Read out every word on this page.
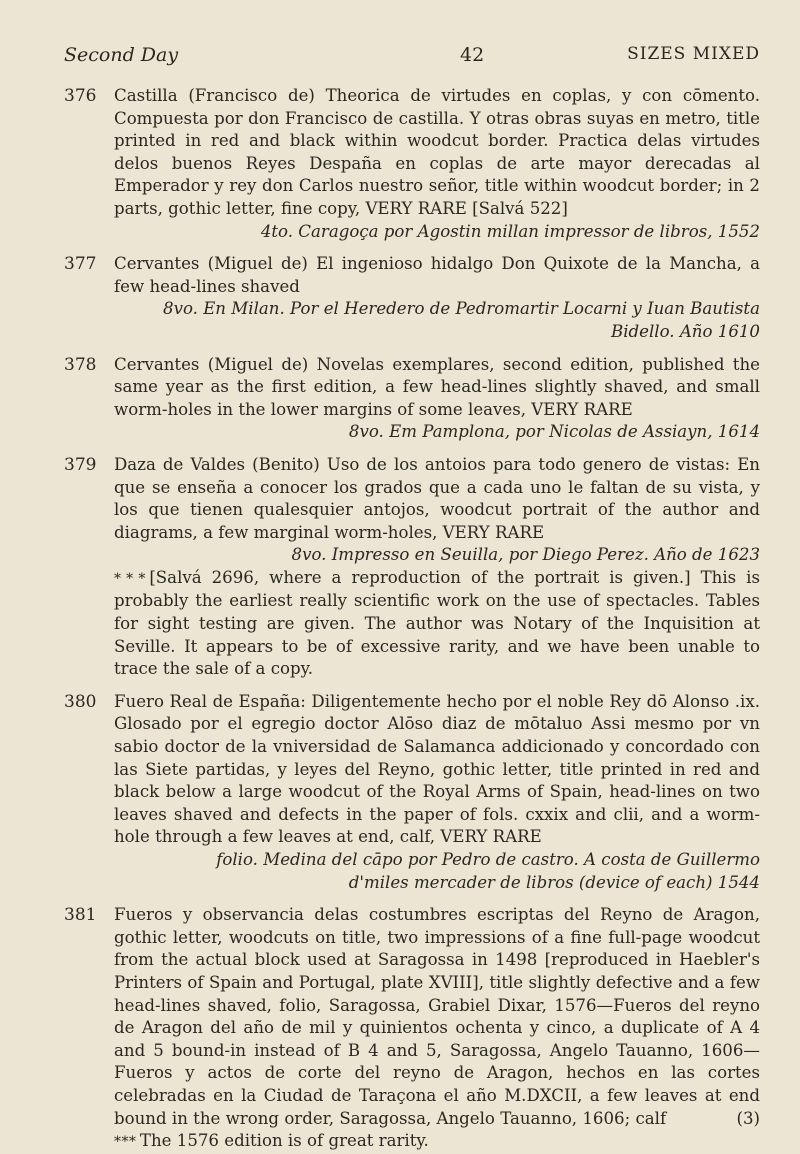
Second Day	42	SIZES MIXED
376 Castilla (Francisco de) Theorica de virtudes en coplas, y con cōmento. Compuesta por don Francisco de castilla. Y otras obras suyas en metro, title printed in red and black within woodcut border. Practica delas virtudes delos buenos Reyes Despaña en coplas de arte mayor derecadas al Emperador y rey don Carlos nuestro señor, title within woodcut border; in 2 parts, gothic letter, fine copy, VERY RARE [Salvá 522]

4to. Caragoça por Agostin millan impressor de libros, 1552

377 Cervantes (Miguel de) El ingenioso hidalgo Don Quixote de la Mancha, a few head-lines shaved

8vo. En Milan. Por el Heredero de Pedromartir Locarni y Iuan Bautista Bidello. Año 1610

378 Cervantes (Miguel de) Novelas exemplares, second edition, published the same year as the first edition, a few head-lines slightly shaved, and small worm-holes in the lower margins of some leaves, VERY RARE

8vo. Em Pamplona, por Nicolas de Assiayn, 1614

379 Daza de Valdes (Benito) Uso de los antoios para todo genero de vistas: En que se enseña a conocer los grados que a cada uno le faltan de su vista, y los que tienen qualesquier antojos, woodcut portrait of the author and diagrams, a few marginal worm-holes, VERY RARE

8vo. Impresso en Seuilla, por Diego Perez. Año de 1623

* * * [Salvá 2696, where a reproduction of the portrait is given.] This is probably the earliest really scientific work on the use of spectacles. Tables for sight testing are given. The author was Notary of the Inquisition at Seville. It appears to be of excessive rarity, and we have been unable to trace the sale of a copy.

380 Fuero Real de España: Diligentemente hecho por el noble Rey dō Alonso .ix. Glosado por el egregio doctor Alōso diaz de mōtaluo Assi mesmo por vn sabio doctor de la vniversidad de Salamanca addicionado y concordado con las Siete partidas, y leyes del Reyno, gothic letter, title printed in red and black below a large woodcut of the Royal Arms of Spain, head-lines on two leaves shaved and defects in the paper of fols. cxxix and clii, and a worm-hole through a few leaves at end, calf, VERY RARE

folio. Medina del cāpo por Pedro de castro. A costa de Guillermo d'miles mercader de libros (device of each) 1544

381 Fueros y observancia delas costumbres escriptas del Reyno de Aragon, gothic letter, woodcuts on title, two impressions of a fine full-page woodcut from the actual block used at Saragossa in 1498 [reproduced in Haebler's Printers of Spain and Portugal, plate XVIII], title slightly defective and a few head-lines shaved, folio, Saragossa, Grabiel Dixar, 1576—Fueros del reyno de Aragon del año de mil y quinientos ochenta y cinco, a duplicate of A 4 and 5 bound-in instead of B 4 and 5, Saragossa, Angelo Tauanno, 1606—Fueros y actos de corte del reyno de Aragon, hechos en las cortes celebradas en la Ciudad de Taraçona el año M.DXCII, a few leaves at end bound in the wrong order, Saragossa, Angelo Tauanno, 1606; calf	(3)

* * * The 1576 edition is of great rarity.
